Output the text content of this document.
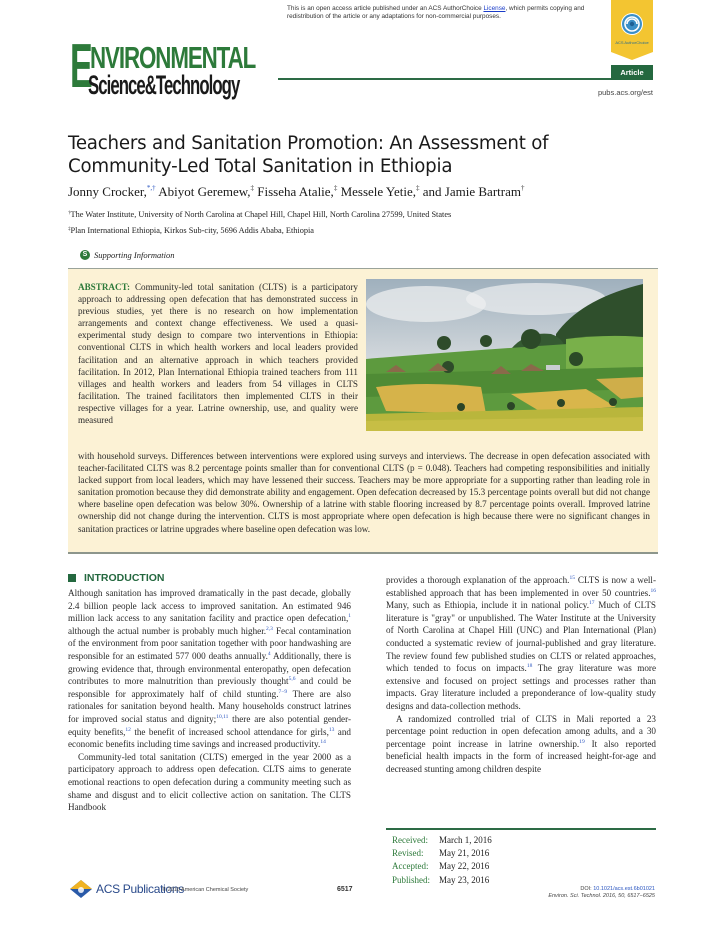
This is an open access article published under an ACS AuthorChoice License, which permits copying and redistribution of the article or any adaptations for non-commercial purposes.
ACS AuthorChoice
E
NVIRONMENTAL
Science&Technology	Article
pubs.acs.org/est
Teachers and Sanitation Promotion: An Assessment of Community-Led Total Sanitation in Ethiopia
Jonny Crocker,*,† Abiyot Geremew,‡ Fisseha Atalie,‡ Messele Yetie,‡ and Jamie Bartram†
†The Water Institute, University of North Carolina at Chapel Hill, Chapel Hill, North Carolina 27599, United States
‡Plan International Ethiopia, Kirkos Sub-city, 5696 Addis Ababa, Ethiopia
S Supporting Information
ABSTRACT: Community-led total sanitation (CLTS) is a participatory approach to addressing open defecation that has demonstrated success in previous studies, yet there is no research on how implementation arrangements and context change effectiveness. We used a quasi-experimental study design to compare two interventions in Ethiopia: conventional CLTS in which health workers and local leaders provided facilitation and an alternative approach in which teachers provided facilitation. In 2012, Plan International Ethiopia trained teachers from 111 villages and health workers and leaders from 54 villages in CLTS facilitation. The trained facilitators then implemented CLTS in their respective villages for a year. Latrine ownership, use, and quality were measured
with household surveys. Differences between interventions were explored using surveys and interviews. The decrease in open defecation associated with teacher-facilitated CLTS was 8.2 percentage points smaller than for conventional CLTS (p = 0.048). Teachers had competing responsibilities and initially lacked support from local leaders, which may have lessened their success. Teachers may be more appropriate for a supporting rather than leading role in sanitation promotion because they did demonstrate ability and engagement. Open defecation decreased by 15.3 percentage points overall but did not change where baseline open defecation was below 30%. Ownership of a latrine with stable flooring increased by 8.7 percentage points overall. Improved latrine ownership did not change during the intervention. CLTS is most appropriate where open defecation is high because there were no significant changes in sanitation practices or latrine upgrades where baseline open defecation was low.
INTRODUCTION

Although sanitation has improved dramatically in the past decade, globally 2.4 billion people lack access to improved sanitation. An estimated 946 million lack access to any sanitation facility and practice open defecation,$^1$ although the actual number is probably much higher.$^{2,3}$ Fecal contamination of the environment from poor sanitation together with poor handwashing are responsible for an estimated 577 000 deaths annually.$^4$ Additionally, there is growing evidence that, through environmental enteropathy, open defecation contributes to more malnutrition than previously thought$^{5,6}$ and could be responsible for approximately half of child stunting.$^{7-9}$ There are also rationales for sanitation beyond health. Many households construct latrines for improved social status and dignity;$^{10,11}$ there are also potential gender-equity benefits,$^{12}$ the benefit of increased school attendance for girls,$^{13}$ and economic benefits including time savings and increased productivity.$^{14}$

Community-led total sanitation (CLTS) emerged in the year 2000 as a participatory approach to address open defecation. CLTS aims to generate emotional reactions to open defecation during a community meeting such as shame and disgust and to elicit collective action on sanitation. The CLTS Handbook

provides a thorough explanation of the approach.$^{15}$ CLTS is now a well-established approach that has been implemented in over 50 countries.$^{16}$ Many, such as Ethiopia, include it in national policy.$^{17}$ Much of CLTS literature is "gray" or unpublished. The Water Institute at the University of North Carolina at Chapel Hill (UNC) and Plan International (Plan) conducted a systematic review of journal-published and gray literature. The review found few published studies on CLTS or related approaches, which tended to focus on impacts.$^{18}$ The gray literature was more extensive and focused on project settings and processes rather than impacts. Gray literature included a preponderance of low-quality study designs and data-collection methods.

A randomized controlled trial of CLTS in Mali reported a 23 percentage point reduction in open defecation among adults, and a 30 percentage point increase in latrine ownership.$^{19}$ It also reported beneficial health impacts in the form of increased height-for-age and decreased stunting among children despite

Received:	March 1, 2016
Revised:	May 21, 2016
Accepted:	May 22, 2016
Published: May 23, 2016
ACS Publications
© 2016 American Chemical Society	6517	DOI: 10.1021/acs.est.6b01021
Environ. Sci. Technol. 2016, 50, 6517−6525
